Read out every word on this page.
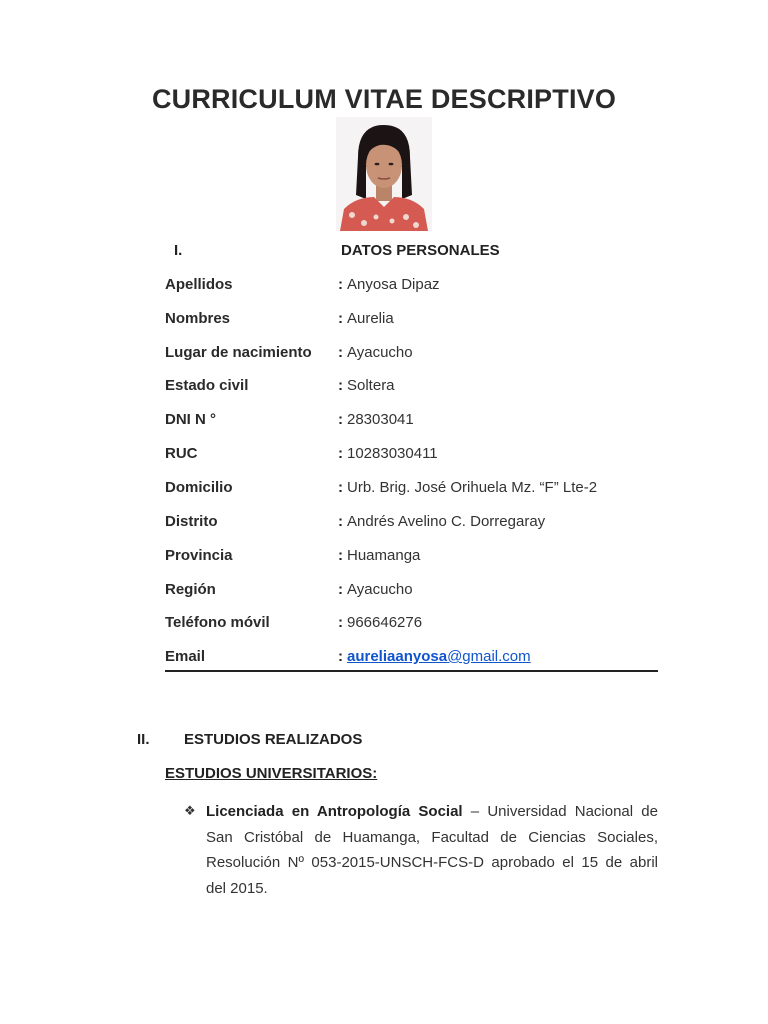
CURRICULUM VITAE DESCRIPTIVO
I.	DATOS PERSONALES
Apellidos	: Anyosa Dipaz
Nombres	: Aurelia
Lugar de nacimiento : Ayacucho
Estado civil	: Soltera
DNI N °	: 28303041
RUC	: 10283030411
Domicilio	: Urb. Brig. José Orihuela Mz. “F” Lte-2
Distrito	: Andrés Avelino C. Dorregaray
Provincia	: Huamanga
Región	: Ayacucho
Teléfono móvil	: 966646276
Email	: aureliaanyosa@gmail.com
II. ESTUDIOS REALIZADOS
ESTUDIOS UNIVERSITARIOS:
❖ Licenciada en Antropología Social – Universidad Nacional de San Cristóbal de Huamanga, Facultad de Ciencias Sociales, Resolución Nº 053-2015-UNSCH-FCS-D aprobado el 15 de abril del 2015.
